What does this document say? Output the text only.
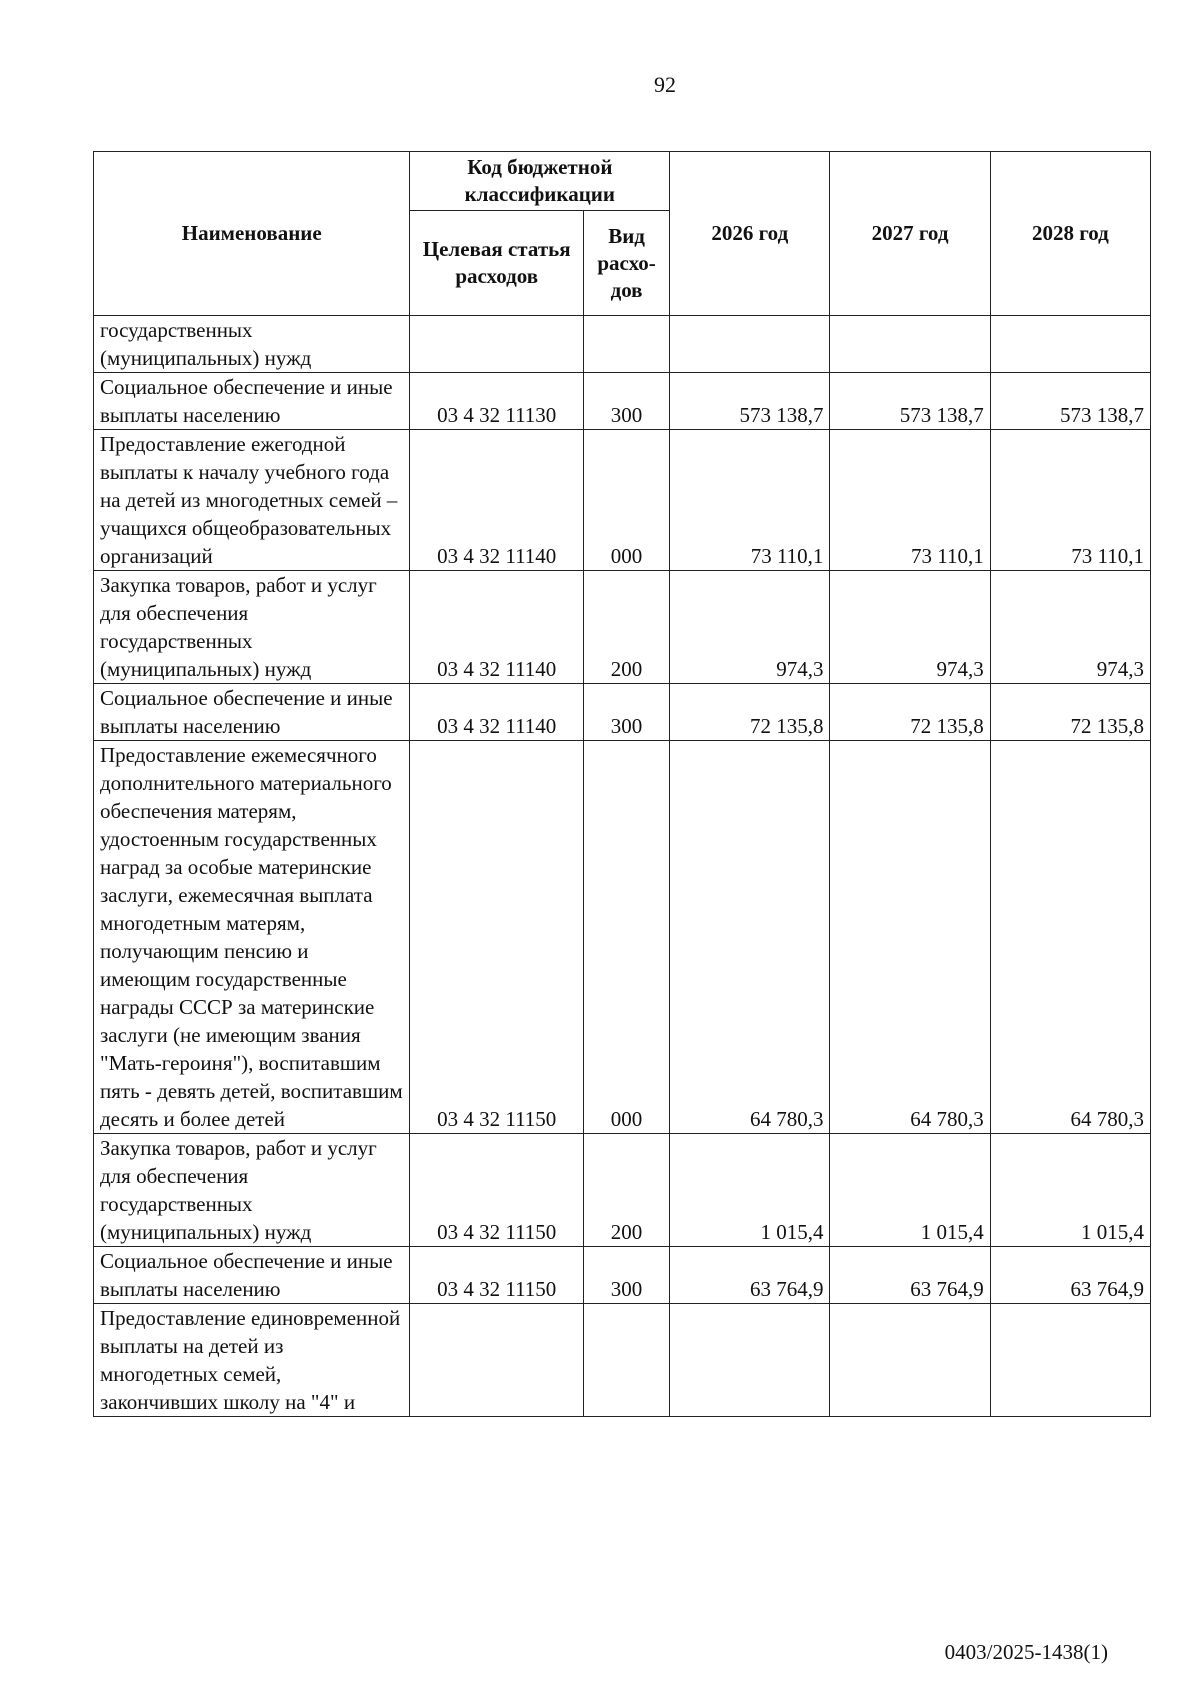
92
Наименование	Код бюджетной классификации		2026 год	2027 год	2028 год
	Целевая статья расходов	Вид расхо-дов			
государственных (муниципальных) нужд					
Социальное обеспечение и иные выплаты населению	03 4 32 11130	300	573 138,7	573 138,7	573 138,7
Предоставление ежегодной выплаты к началу учебного года на детей из многодетных семей – учащихся общеобразовательных организаций	03 4 32 11140	000	73 110,1	73 110,1	73 110,1
Закупка товаров, работ и услуг для обеспечения государственных (муниципальных) нужд	03 4 32 11140	200	974,3	974,3	974,3
Социальное обеспечение и иные выплаты населению	03 4 32 11140	300	72 135,8	72 135,8	72 135,8
Предоставление ежемесячного дополнительного материального обеспечения матерям, удостоенным государственных наград за особые материнские заслуги, ежемесячная выплата многодетным матерям, получающим пенсию и имеющим государственные награды СССР за материнские заслуги (не имеющим звания "Мать-героиня"), воспитавшим пять - девять детей, воспитавшим десять и более детей	03 4 32 11150	000	64 780,3	64 780,3	64 780,3
Закупка товаров, работ и услуг для обеспечения государственных (муниципальных) нужд	03 4 32 11150	200	1 015,4	1 015,4	1 015,4
Социальное обеспечение и иные выплаты населению	03 4 32 11150	300	63 764,9	63 764,9	63 764,9
Предоставление единовременной выплаты на детей из многодетных семей, закончивших школу на "4" и					
0403/2025-1438(1)
